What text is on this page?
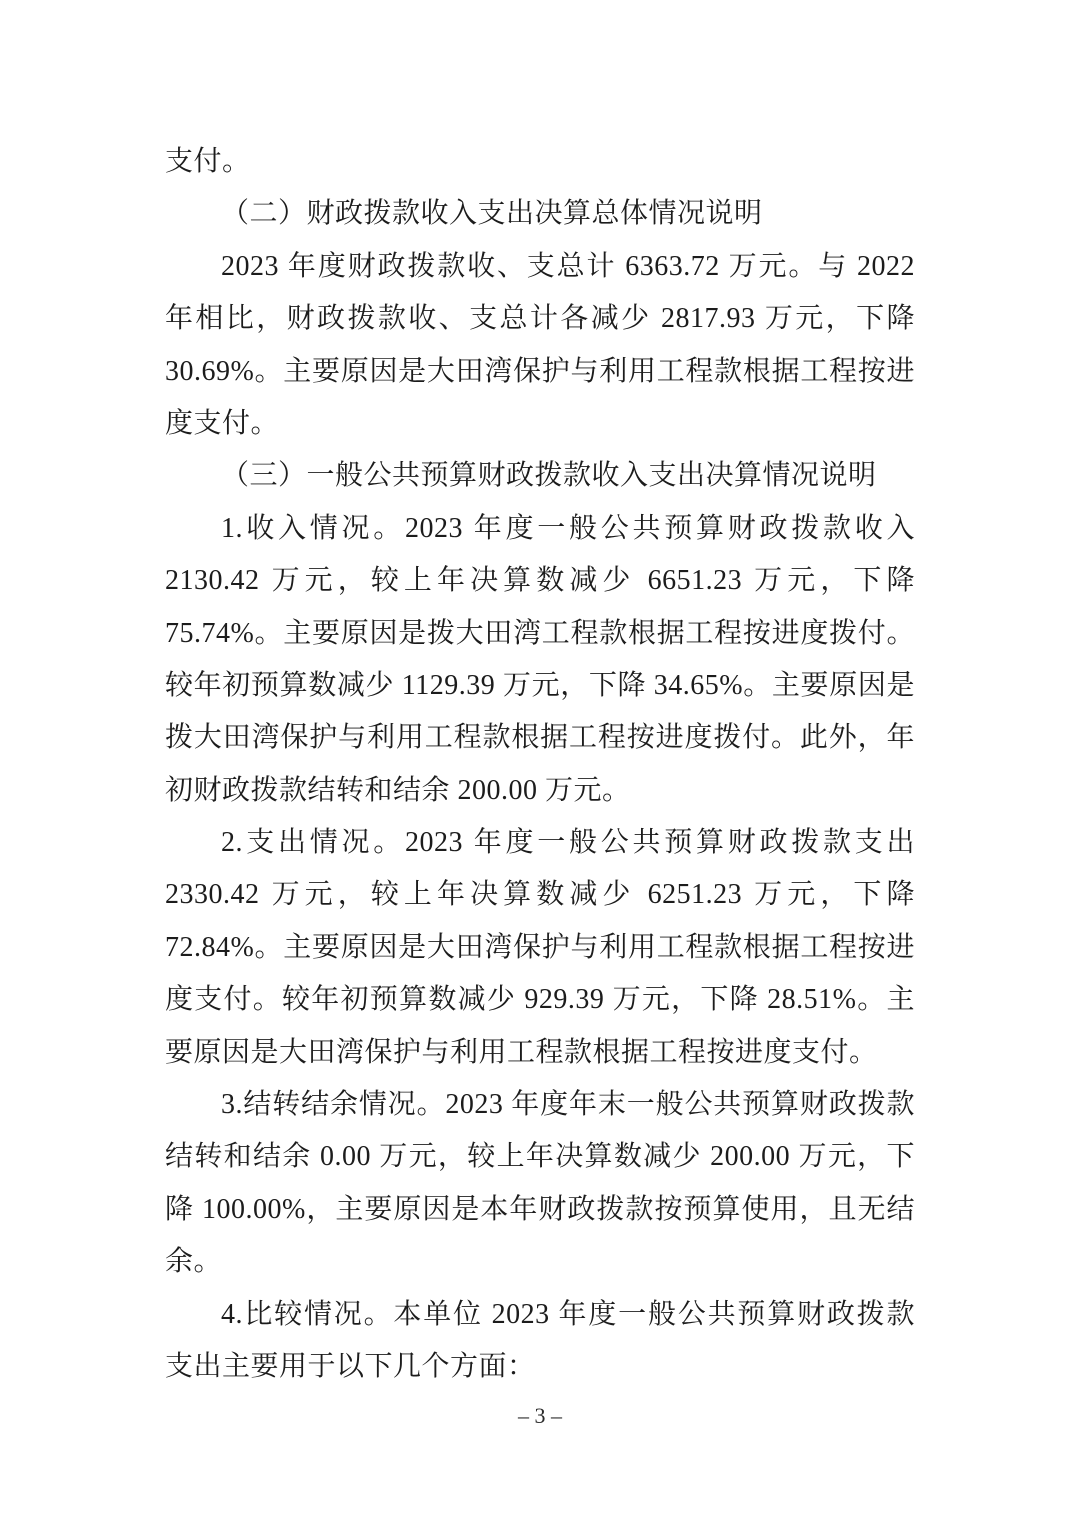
支付。
（二）财政拨款收入支出决算总体情况说明
2023 年度财政拨款收、支总计 6363.72 万元。与 2022
年相比，财政拨款收、支总计各减少 2817.93 万元，下降
30.69%。主要原因是大田湾保护与利用工程款根据工程按进
度支付。
（三）一般公共预算财政拨款收入支出决算情况说明
1.收入情况。2023 年度一般公共预算财政拨款收入
2130.42 万元，较上年决算数减少 6651.23 万元，下降
75.74%。主要原因是拨大田湾工程款根据工程按进度拨付。
较年初预算数减少 1129.39 万元，下降 34.65%。主要原因是
拨大田湾保护与利用工程款根据工程按进度拨付。此外，年
初财政拨款结转和结余 200.00 万元。
2.支出情况。2023 年度一般公共预算财政拨款支出
2330.42 万元，较上年决算数减少 6251.23 万元，下降
72.84%。主要原因是大田湾保护与利用工程款根据工程按进
度支付。较年初预算数减少 929.39 万元，下降 28.51%。主
要原因是大田湾保护与利用工程款根据工程按进度支付。
3.结转结余情况。2023 年度年末一般公共预算财政拨款
结转和结余 0.00 万元，较上年决算数减少 200.00 万元，下
降 100.00%，主要原因是本年财政拨款按预算使用，且无结
余。
4.比较情况。本单位 2023 年度一般公共预算财政拨款
支出主要用于以下几个方面：
– 3 –
